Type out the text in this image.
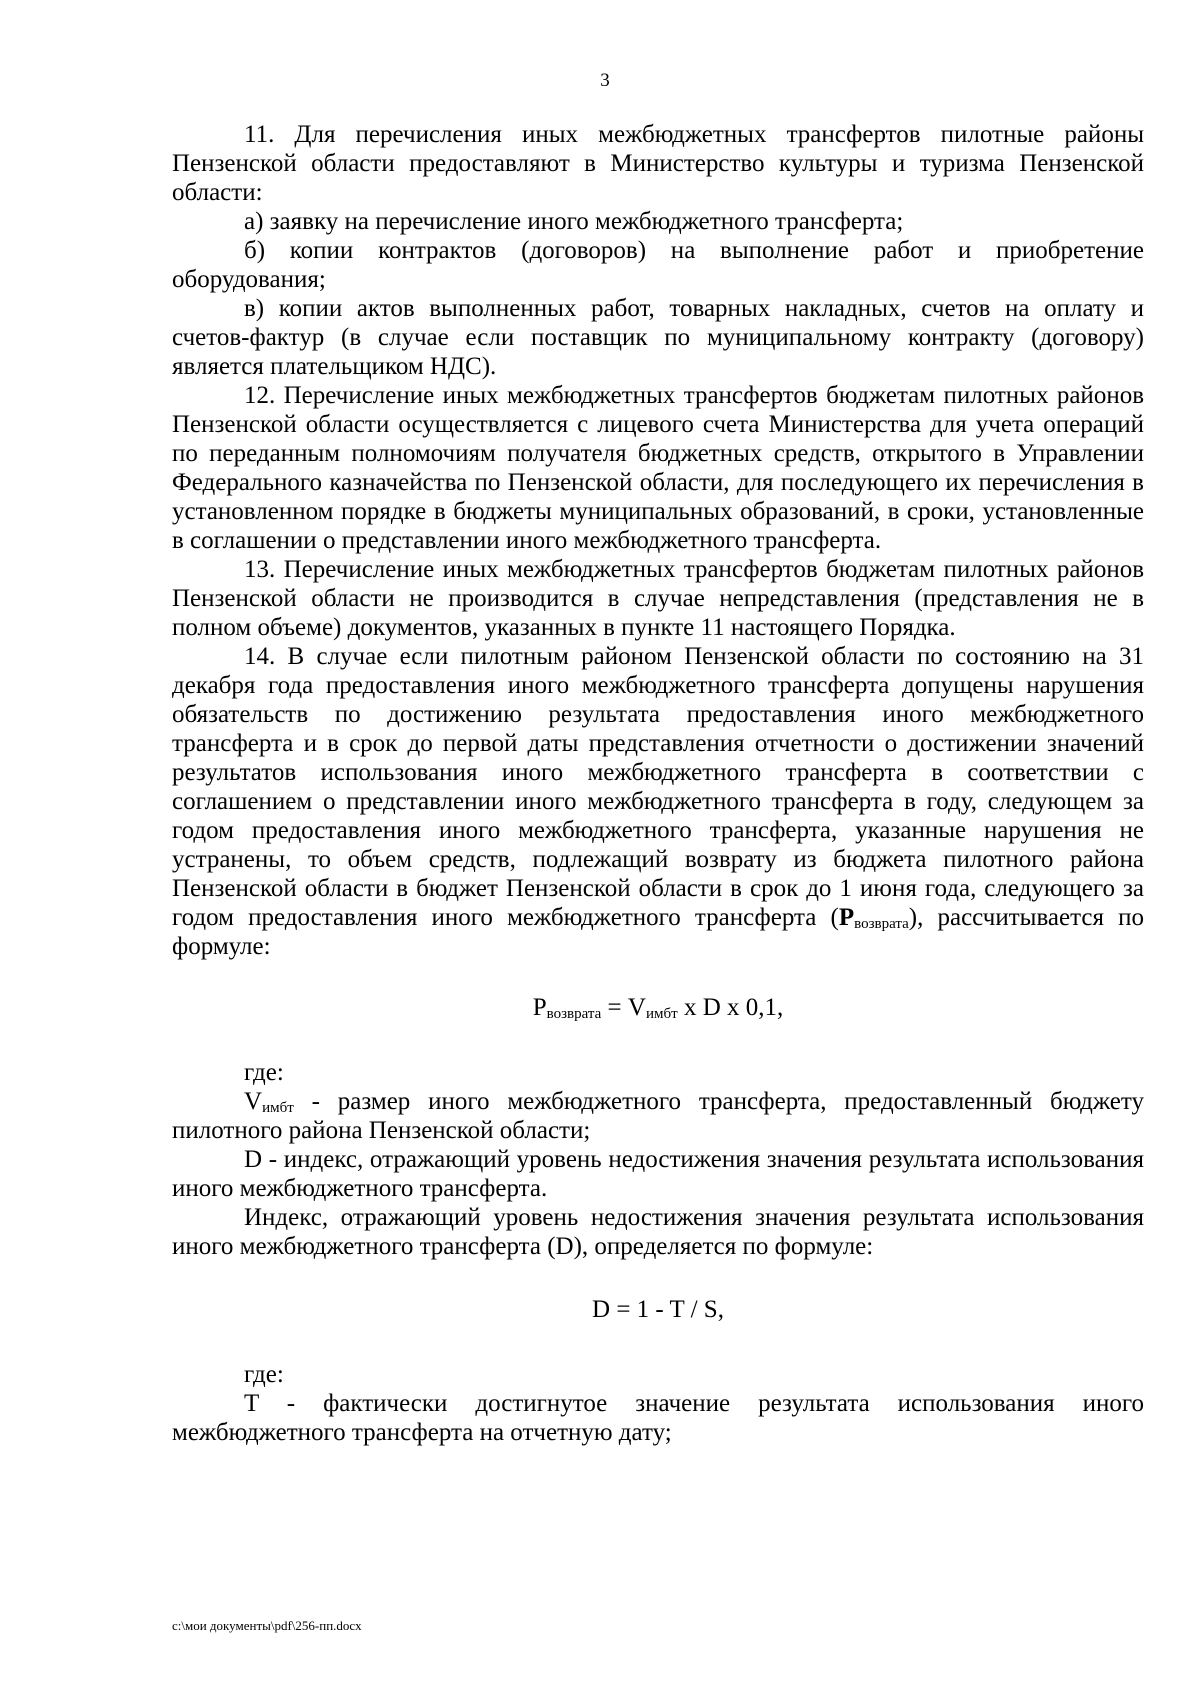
3

11. Для перечисления иных межбюджетных трансфертов пилотные районы Пензенской области предоставляют в Министерство культуры и туризма Пензенской области:

а) заявку на перечисление иного межбюджетного трансферта;

б) копии контрактов (договоров) на выполнение работ и приобретение оборудования;

в) копии актов выполненных работ, товарных накладных, счетов на оплату и счетов-фактур (в случае если поставщик по муниципальному контракту (договору) является плательщиком НДС).

12. Перечисление иных межбюджетных трансфертов бюджетам пилотных районов Пензенской области осуществляется с лицевого счета Министерства для учета операций по переданным полномочиям получателя бюджетных средств, открытого в Управлении Федерального казначейства по Пензенской области, для последующего их перечисления в установленном порядке в бюджеты муниципальных образований, в сроки, установленные в соглашении о представлении иного межбюджетного трансферта.

13. Перечисление иных межбюджетных трансфертов бюджетам пилотных районов Пензенской области не производится в случае непредставления (представления не в полном объеме) документов, указанных в пункте 11 настоящего Порядка.

14. В случае если пилотным районом Пензенской области по состоянию на 31 декабря года предоставления иного межбюджетного трансферта допущены нарушения обязательств по достижению результата предоставления иного межбюджетного трансферта и в срок до первой даты представления отчетности о достижении значений результатов использования иного межбюджетного трансферта в соответствии с соглашением о представлении иного межбюджетного трансферта в году, следующем за годом предоставления иного межбюджетного трансферта, указанные нарушения не устранены, то объем средств, подлежащий возврату из бюджета пилотного района Пензенской области в бюджет Пензенской области в срок до 1 июня года, следующего за годом предоставления иного межбюджетного трансферта $(P_{возврата})$, рассчитывается по формуле:

$P_{возврата} = V_{имбт}$ x D x 0,1,

где:

$V_{имбт}$ - размер иного межбюджетного трансферта, предоставленный бюджету пилотного района Пензенской области;

D - индекс, отражающий уровень недостижения значения результата использования иного межбюджетного трансферта.

Индекс, отражающий уровень недостижения значения результата использования иного межбюджетного трансферта (D), определяется по формуле:

D = 1 - T / S,

где:

T - фактически достигнутое значение результата использования иного межбюджетного трансферта на отчетную дату;

c:\мои документы\pdf\256-пп.docx
